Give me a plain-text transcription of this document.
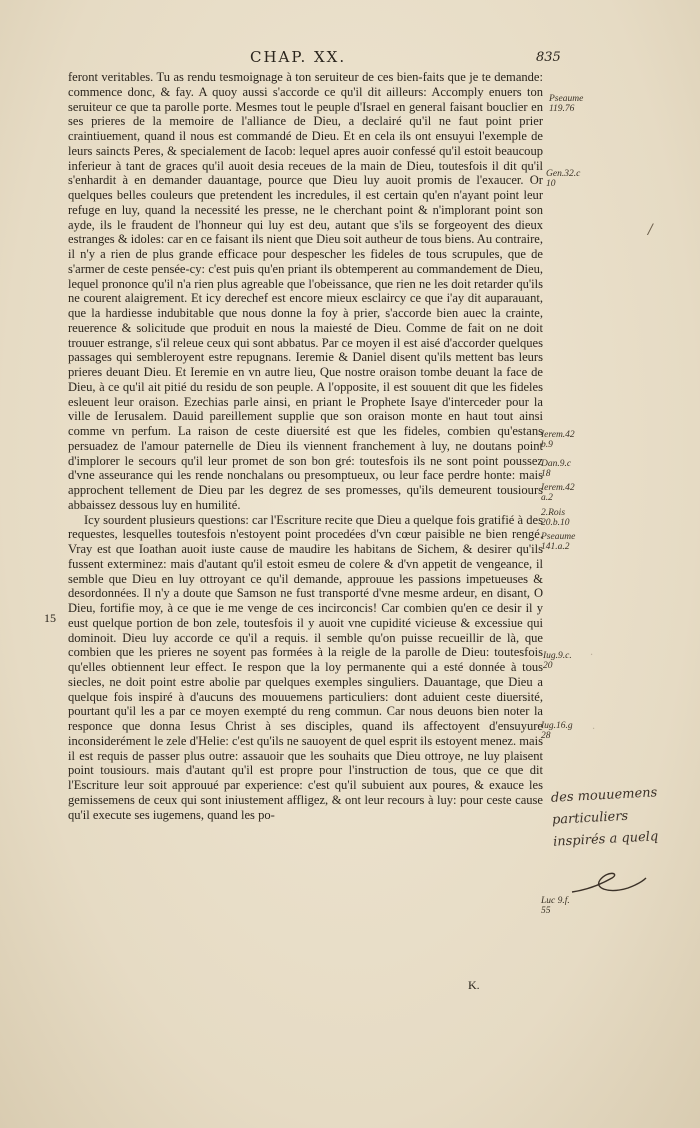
CHAP. XX.	835

feront veritables. Tu as rendu tesmoignage à ton seruiteur de ces bien-faits que je te demande: commence donc, & fay. A quoy aussi s'accorde ce qu'il dit ailleurs: Accomply enuers ton seruiteur ce que ta parolle porte. Mesmes tout le peuple d'Israel en general faisant bouclier en ses prieres de la memoire de l'alliance de Dieu, a declairé qu'il ne faut point prier craintiuement, quand il nous est commandé de Dieu. Et en cela ils ont ensuyui l'exemple de leurs saincts Peres, & specialement de Iacob: lequel apres auoir confessé qu'il estoit beaucoup inferieur à tant de graces qu'il auoit desia receues de la main de Dieu, toutesfois il dit qu'il s'enhardit à en demander dauantage, pource que Dieu luy auoit promis de l'exaucer. Or quelques belles couleurs que pretendent les incredules, il est certain qu'en n'ayant point leur refuge en luy, quand la necessité les presse, ne le cherchant point & n'implorant point son ayde, ils le fraudent de l'honneur qui luy est deu, autant que s'ils se forgeoyent des dieux estranges & idoles: car en ce faisant ils nient que Dieu soit autheur de tous biens. Au contraire, il n'y a rien de plus grande efficace pour despescher les fideles de tous scrupules, que de s'armer de ceste pensée-cy: c'est puis qu'en priant ils obtemperent au commandement de Dieu, lequel prononce qu'il n'a rien plus agreable que l'obeissance, que rien ne les doit retarder qu'ils ne courent alaigrement. Et icy derechef est encore mieux esclaircy ce que i'ay dit auparauant, que la hardiesse indubitable que nous donne la foy à prier, s'accorde bien auec la crainte, reuerence & solicitude que produit en nous la maiesté de Dieu. Comme de fait on ne doit trouuer estrange, s'il releue ceux qui sont abbatus. Par ce moyen il est aisé d'accorder quelques passages qui sembleroyent estre repugnans. Ieremie & Daniel disent qu'ils mettent bas leurs prieres deuant Dieu. Et Ieremie en vn autre lieu, Que nostre oraison tombe deuant la face de Dieu, à ce qu'il ait pitié du residu de son peuple. A l'opposite, il est souuent dit que les fideles esleuent leur oraison. Ezechias parle ainsi, en priant le Prophete Isaye d'interceder pour la ville de Ierusalem. Dauid pareillement supplie que son oraison monte en haut tout ainsi comme vn perfum. La raison de ceste diuersité est que les fideles, combien qu'estans persuadez de l'amour paternelle de Dieu ils viennent franchement à luy, ne doutans point d'implorer le secours qu'il leur promet de son bon gré: toutesfois ils ne sont point poussez d'vne asseurance qui les rende nonchalans ou presomptueux, ou leur face perdre honte: mais approchent tellement de Dieu par les degrez de ses promesses, qu'ils demeurent tousiours abbaissez dessous luy en humilité.

Icy sourdent plusieurs questions: car l'Escriture recite que Dieu a quelque fois gratifié à des requestes, lesquelles toutesfois n'estoyent point procedées d'vn cœur paisible ne bien rengé. Vray est que Ioathan auoit iuste cause de maudire les habitans de Sichem, & desirer qu'ils fussent exterminez: mais d'autant qu'il estoit esmeu de colere & d'vn appetit de vengeance, il semble que Dieu en luy ottroyant ce qu'il demande, approuue les passions impetueuses & desordonnées. Il n'y a doute que Samson ne fust transporté d'vne mesme ardeur, en disant, O Dieu, fortifie moy, à ce que ie me venge de ces incirconcis! Car combien qu'en ce desir il y eust quelque portion de bon zele, toutesfois il y auoit vne cupidité vicieuse & excessiue qui dominoit. Dieu luy accorde ce qu'il a requis. il semble qu'on puisse recueillir de là, que combien que les prieres ne soyent pas formées à la reigle de la parolle de Dieu: toutesfois qu'elles obtiennent leur effect. Ie respon que la loy permanente qui a esté donnée à tous siecles, ne doit point estre abolie par quelques exemples singuliers. Dauantage, que Dieu a quelque fois inspiré à d'aucuns des mouuemens particuliers: dont aduient ceste diuersité, pourtant qu'il les a par ce moyen exempté du reng commun. Car nous deuons bien noter la responce que donna Iesus Christ à ses disciples, quand ils affectoyent d'ensuyure inconsiderément le zele d'Helie: c'est qu'ils ne sauoyent de quel esprit ils estoyent menez. mais il est requis de passer plus outre: assauoir que les souhaits que Dieu ottroye, ne luy plaisent point tousiours. mais d'autant qu'il est propre pour l'instruction de tous, que ce que dit l'Escriture leur soit approuué par experience: c'est qu'il subuient aux poures, & exauce les gemissemens de ceux qui sont iniustement affligez, & ont leur recours à luy: pour ceste cause qu'il execute ses iugemens, quand les po-

15
Pseaume 119.76
Gen.32.c 10
Ierem.42 b.9
Dan.9.c 18
Ierem.42 a.2
2.Rois 20.b.10
Pseaume 141.a.2
Iug.9.c. 20
Iug.16.g 28
Luc 9.f. 55
/
·
·
des mouuemens
particuliers
inspirés a quelq
K.
